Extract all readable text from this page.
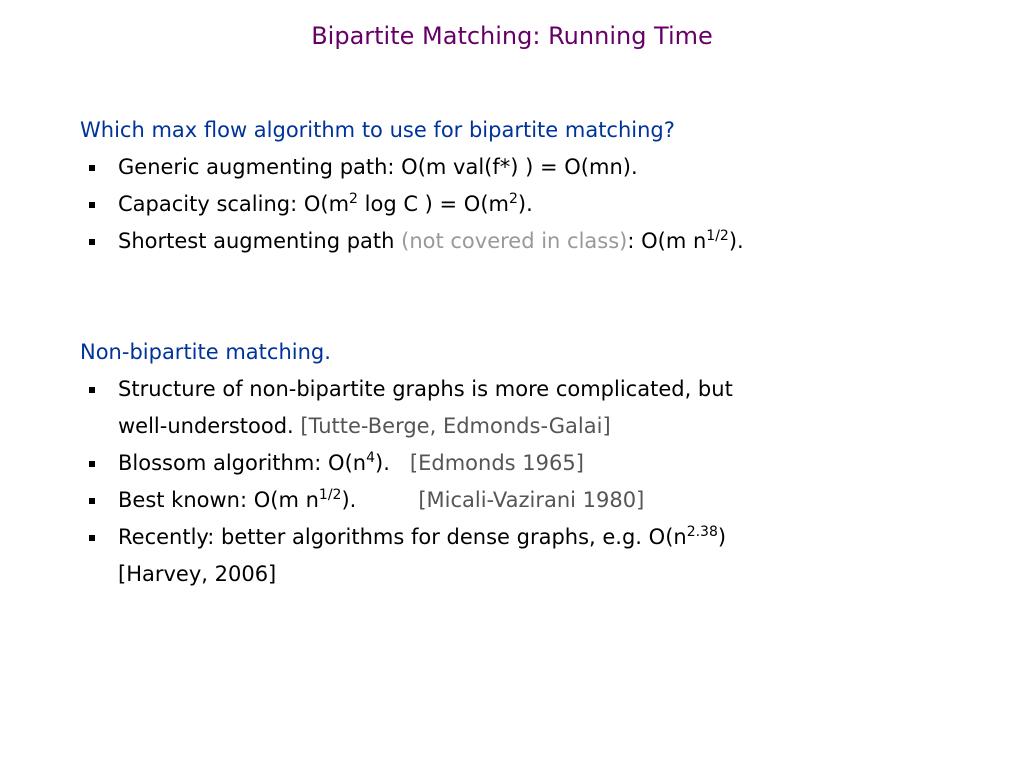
Bipartite Matching: Running Time
Which max flow algorithm to use for bipartite matching?
Generic augmenting path: O(m val(f*) ) = O(mn).
Capacity scaling: $O(m^2$ log C ) = $O(m^2)$.
Shortest augmenting path (not covered in class): O(m $n^{1/2}$).
Non-bipartite matching.
Structure of non-bipartite graphs is more complicated, but
well-understood. [Tutte-Berge, Edmonds-Galai]
Blossom algorithm: $O(n^4)$.   [Edmonds 1965]
Best known: O(m $n^{1/2}$).	[Micali-Vazirani 1980]
Recently: better algorithms for dense graphs, e.g. $O(n^{2.38})$
[Harvey, 2006]
